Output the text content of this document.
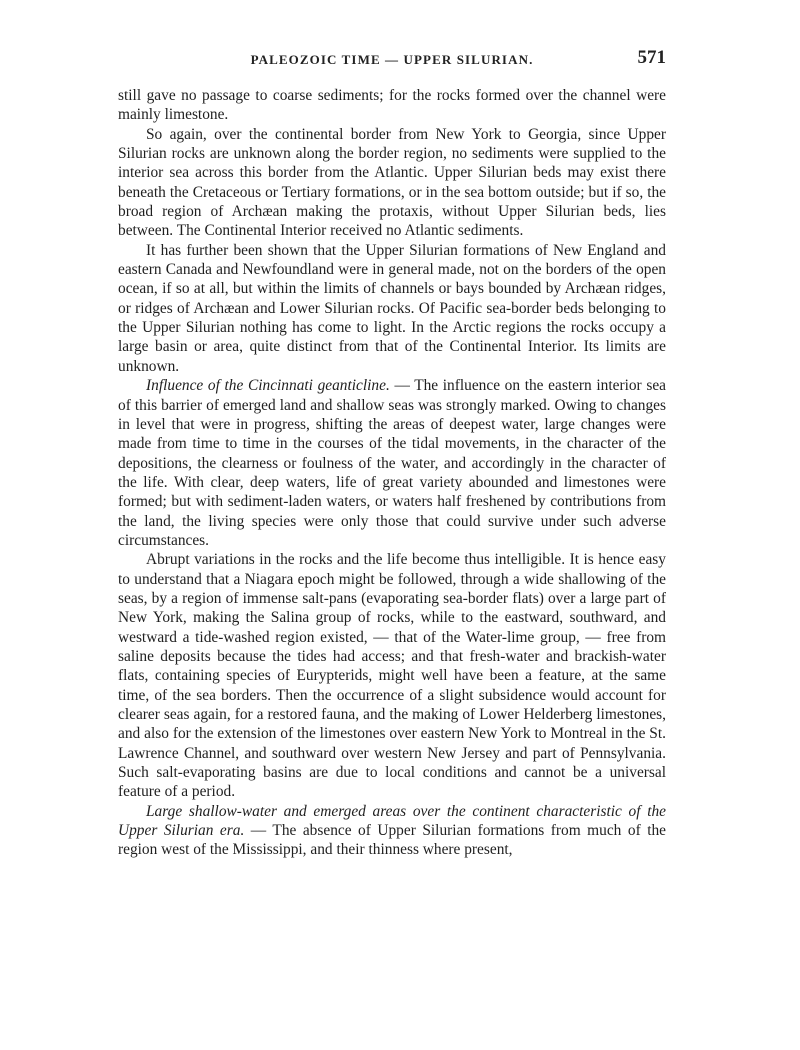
PALEOZOIC TIME — UPPER SILURIAN.	571

still gave no passage to coarse sediments; for the rocks formed over the channel were mainly limestone.

So again, over the continental border from New York to Georgia, since Upper Silurian rocks are unknown along the border region, no sediments were supplied to the interior sea across this border from the Atlantic. Upper Silurian beds may exist there beneath the Cretaceous or Tertiary formations, or in the sea bottom outside; but if so, the broad region of Archæan making the protaxis, without Upper Silurian beds, lies between. The Continental Interior received no Atlantic sediments.

It has further been shown that the Upper Silurian formations of New England and eastern Canada and Newfoundland were in general made, not on the borders of the open ocean, if so at all, but within the limits of channels or bays bounded by Archæan ridges, or ridges of Archæan and Lower Silurian rocks. Of Pacific sea-border beds belonging to the Upper Silurian nothing has come to light. In the Arctic regions the rocks occupy a large basin or area, quite distinct from that of the Continental Interior. Its limits are unknown.

Influence of the Cincinnati geanticline. — The influence on the eastern interior sea of this barrier of emerged land and shallow seas was strongly marked. Owing to changes in level that were in progress, shifting the areas of deepest water, large changes were made from time to time in the courses of the tidal movements, in the character of the depositions, the clearness or foulness of the water, and accordingly in the character of the life. With clear, deep waters, life of great variety abounded and limestones were formed; but with sediment-laden waters, or waters half freshened by contributions from the land, the living species were only those that could survive under such adverse circumstances.

Abrupt variations in the rocks and the life become thus intelligible. It is hence easy to understand that a Niagara epoch might be followed, through a wide shallowing of the seas, by a region of immense salt-pans (evaporating sea-border flats) over a large part of New York, making the Salina group of rocks, while to the eastward, southward, and westward a tide-washed region existed, — that of the Water-lime group, — free from saline deposits because the tides had access; and that fresh-water and brackish-water flats, containing species of Eurypterids, might well have been a feature, at the same time, of the sea borders. Then the occurrence of a slight subsidence would account for clearer seas again, for a restored fauna, and the making of Lower Helderberg limestones, and also for the extension of the limestones over eastern New York to Montreal in the St. Lawrence Channel, and southward over western New Jersey and part of Pennsylvania. Such salt-evaporating basins are due to local conditions and cannot be a universal feature of a period.

Large shallow-water and emerged areas over the continent characteristic of the Upper Silurian era. — The absence of Upper Silurian formations from much of the region west of the Mississippi, and their thinness where present,
